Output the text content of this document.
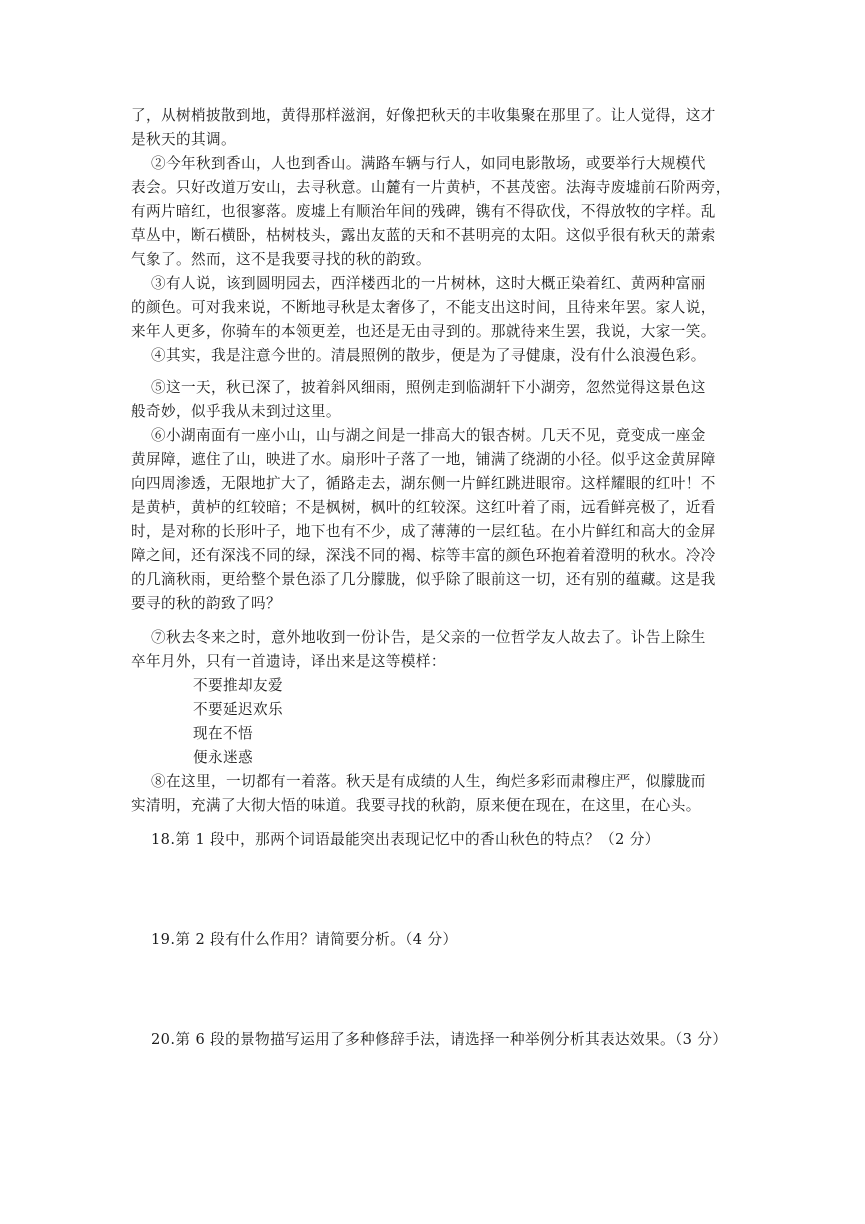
了，从树梢披散到地，黄得那样滋润，好像把秋天的丰收集聚在那里了。让人觉得，这才
是秋天的其调。
②今年秋到香山，人也到香山。满路车辆与行人，如同电影散场，或要举行大规模代
表会。只好改道万安山，去寻秋意。山麓有一片黄栌，不甚茂密。法海寺废墟前石阶两旁，
有两片暗红，也很寥落。废墟上有顺治年间的残碑，镌有不得砍伐，不得放牧的字样。乱
草丛中，断石横卧，枯树枝头，露出友蓝的天和不甚明亮的太阳。这似乎很有秋天的萧索
气象了。然而，这不是我要寻找的秋的韵致。
③有人说，该到圆明园去，西洋楼西北的一片树林，这时大概正染着红、黄两种富丽
的颜色。可对我来说，不断地寻秋是太奢侈了，不能支出这时间，且待来年罢。家人说，
来年人更多，你骑车的本领更差，也还是无由寻到的。那就待来生罢，我说，大家一笑。
④其实，我是注意今世的。清晨照例的散步，便是为了寻健康，没有什么浪漫色彩。
⑤这一天，秋已深了，披着斜风细雨，照例走到临湖轩下小湖旁，忽然觉得这景色这
般奇妙，似乎我从未到过这里。
⑥小湖南面有一座小山，山与湖之间是一排高大的银杏树。几天不见，竟变成一座金
黄屏障，遮住了山，映进了水。扇形叶子落了一地，铺满了绕湖的小径。似乎这金黄屏障
向四周渗透，无限地扩大了，循路走去，湖东侧一片鲜红跳进眼帘。这样耀眼的红叶！不
是黄栌，黄栌的红较暗；不是枫树，枫叶的红较深。这红叶着了雨，远看鲜亮极了，近看
时，是对称的长形叶子，地下也有不少，成了薄薄的一层红毡。在小片鲜红和高大的金屏
障之间，还有深浅不同的绿，深浅不同的褐、棕等丰富的颜色环抱着着澄明的秋水。冷冷
的几滴秋雨，更给整个景色添了几分朦胧，似乎除了眼前这一切，还有别的蕴藏。这是我
要寻的秋的韵致了吗？
⑦秋去冬来之时，意外地收到一份讣告，是父亲的一位哲学友人故去了。讣告上除生
卒年月外，只有一首遗诗，译出来是这等模样：
不要推却友爱
不要延迟欢乐
现在不悟
便永迷惑
⑧在这里，一切都有一着落。秋天是有成绩的人生，绚烂多彩而肃穆庄严，似朦胧而
实清明，充满了大彻大悟的味道。我要寻找的秋韵，原来便在现在，在这里，在心头。
18.第 1 段中，那两个词语最能突出表现记忆中的香山秋色的特点？（2 分）
19.第 2 段有什么作用？请简要分析。（4 分）
20.第 6 段的景物描写运用了多种修辞手法，请选择一种举例分析其表达效果。（3 分）
